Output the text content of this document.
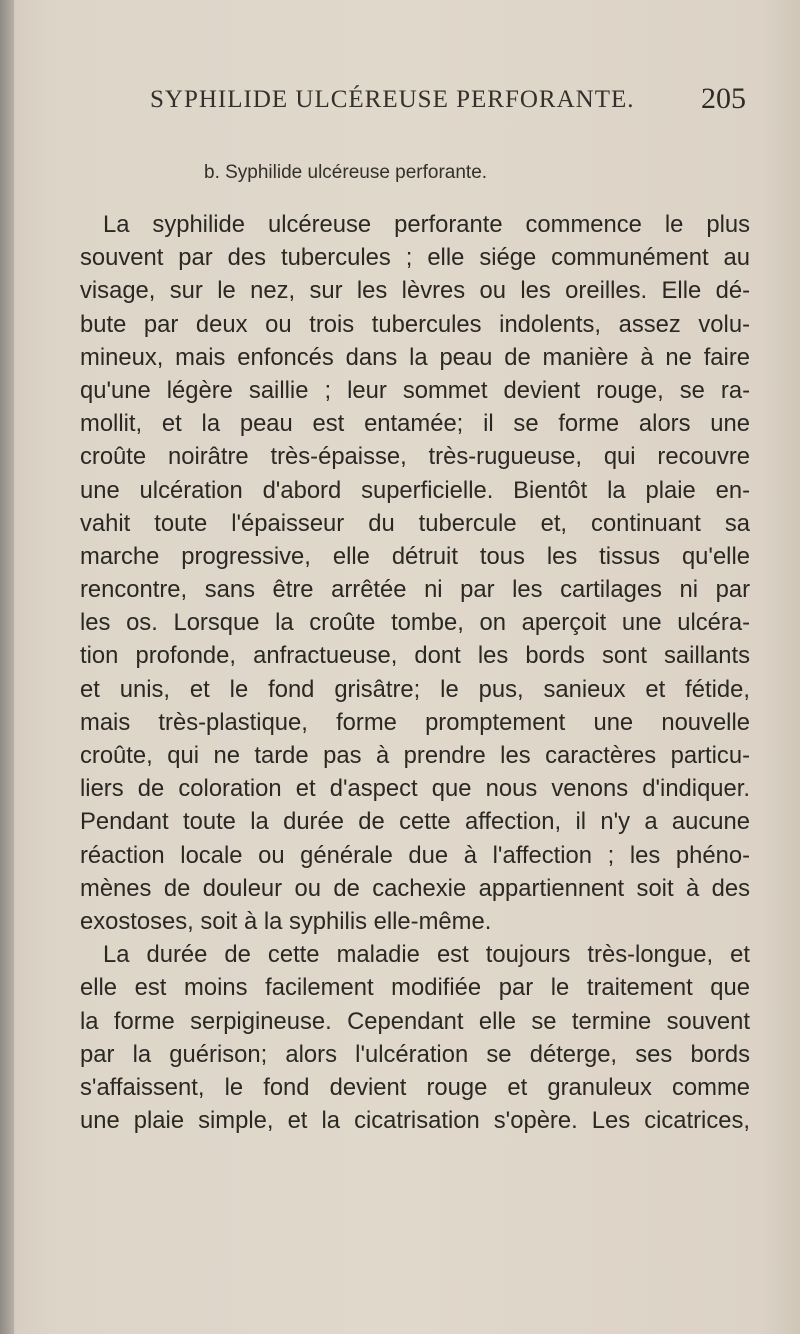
SYPHILIDE ULCÉREUSE PERFORANTE. 205
b. Syphilide ulcéreuse perforante.
La syphilide ulcéreuse perforante commence le plus
souvent par des tubercules ; elle siége communément au
visage, sur le nez, sur les lèvres ou les oreilles. Elle dé-
bute par deux ou trois tubercules indolents, assez volu-
mineux, mais enfoncés dans la peau de manière à ne faire
qu'une légère saillie ; leur sommet devient rouge, se ra-
mollit, et la peau est entamée; il se forme alors une
croûte noirâtre très-épaisse, très-rugueuse, qui recouvre
une ulcération d'abord superficielle. Bientôt la plaie en-
vahit toute l'épaisseur du tubercule et, continuant sa
marche progressive, elle détruit tous les tissus qu'elle
rencontre, sans être arrêtée ni par les cartilages ni par
les os. Lorsque la croûte tombe, on aperçoit une ulcéra-
tion profonde, anfractueuse, dont les bords sont saillants
et unis, et le fond grisâtre; le pus, sanieux et fétide,
mais très-plastique, forme promptement une nouvelle
croûte, qui ne tarde pas à prendre les caractères particu-
liers de coloration et d'aspect que nous venons d'indiquer.
Pendant toute la durée de cette affection, il n'y a aucune
réaction locale ou générale due à l'affection ; les phéno-
mènes de douleur ou de cachexie appartiennent soit à des
exostoses, soit à la syphilis elle-même.
La durée de cette maladie est toujours très-longue, et
elle est moins facilement modifiée par le traitement que
la forme serpigineuse. Cependant elle se termine souvent
par la guérison; alors l'ulcération se déterge, ses bords
s'affaissent, le fond devient rouge et granuleux comme
une plaie simple, et la cicatrisation s'opère. Les cicatrices,
